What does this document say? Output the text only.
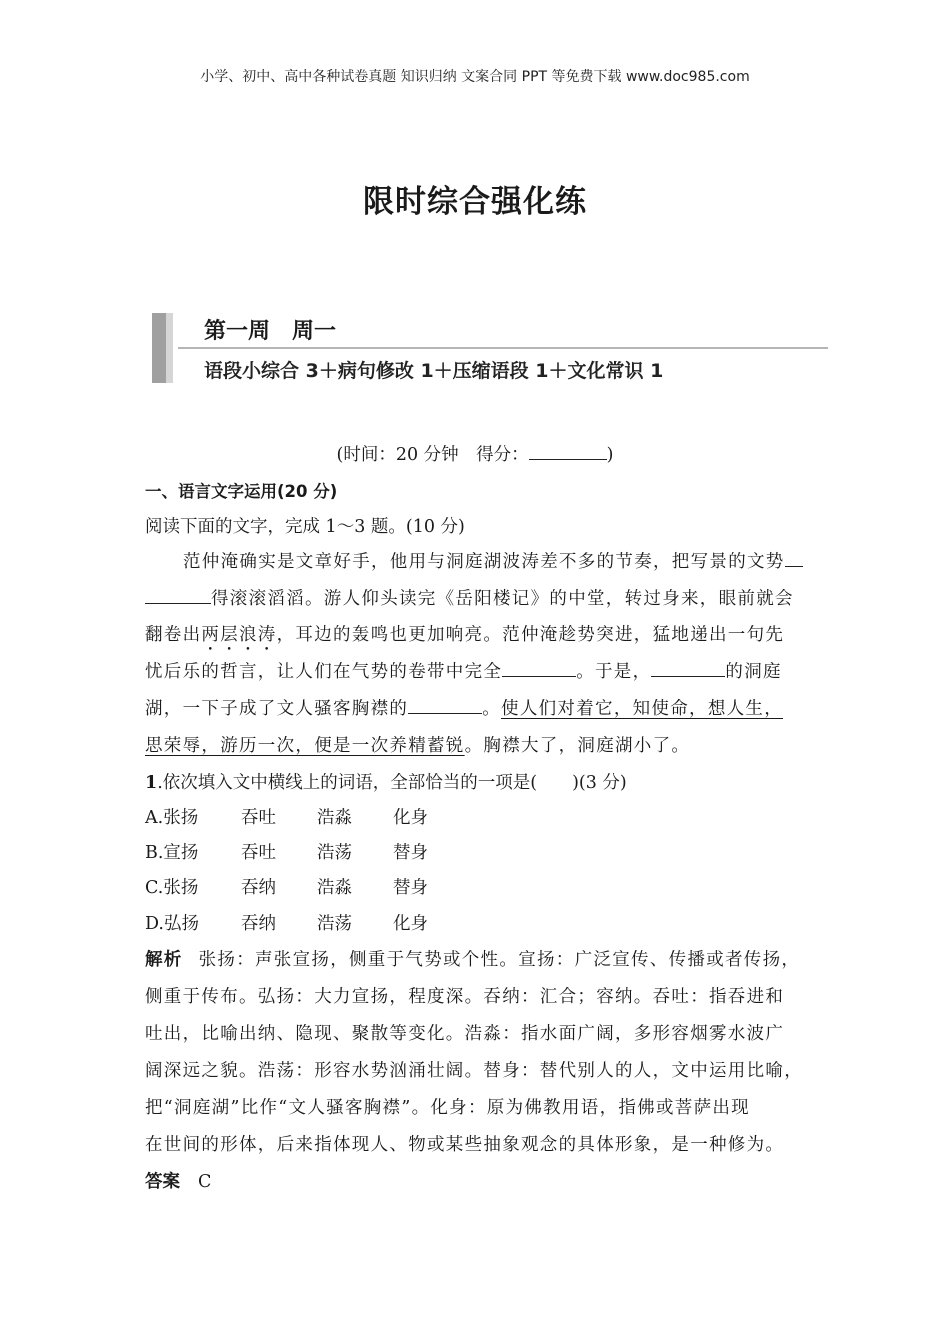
小学、初中、高中各种试卷真题 知识归纳 文案合同 PPT 等免费下载 www.doc985.com
限时综合强化练
第一周　周一
语段小综合 3＋病句修改 1＋压缩语段 1＋文化常识 1
(时间：20 分钟　得分：	)
一、语言文字运用(20 分)
阅读下面的文字，完成 1～3 题。(10 分)
范仲淹确实是文章好手，他用与洞庭湖波涛差不多的节奏，把写景的文势
得滚滚滔滔。游人仰头读完《岳阳楼记》的中堂，转过身来，眼前就会
翻卷出两层浪涛，耳边的轰鸣也更加响亮。范仲淹趁势突进，猛地递出一句先
忧后乐的哲言，让人们在气势的卷带中完全	。于是，	的洞庭
湖，一下子成了文人骚客胸襟的	。使人们对着它，知使命，想人生，
思荣辱，游历一次，便是一次养精蓄锐。胸襟大了，洞庭湖小了。
1.依次填入文中横线上的词语，全部恰当的一项是(　　)(3 分)
A.张扬 吞吐 浩淼 化身
B.宣扬 吞吐 浩荡 替身
C.张扬 吞纳 浩淼 替身
D.弘扬 吞纳 浩荡 化身
解析 张扬：声张宣扬，侧重于气势或个性。宣扬：广泛宣传、传播或者传扬，
侧重于传布。弘扬：大力宣扬，程度深。吞纳：汇合；容纳。吞吐：指吞进和
吐出，比喻出纳、隐现、聚散等变化。浩淼：指水面广阔，多形容烟雾水波广
阔深远之貌。浩荡：形容水势汹涌壮阔。替身：替代别人的人，文中运用比喻，
把“洞庭湖”比作“文人骚客胸襟”。化身：原为佛教用语，指佛或菩萨出现
在世间的形体，后来指体现人、物或某些抽象观念的具体形象，是一种修为。
答案 C
